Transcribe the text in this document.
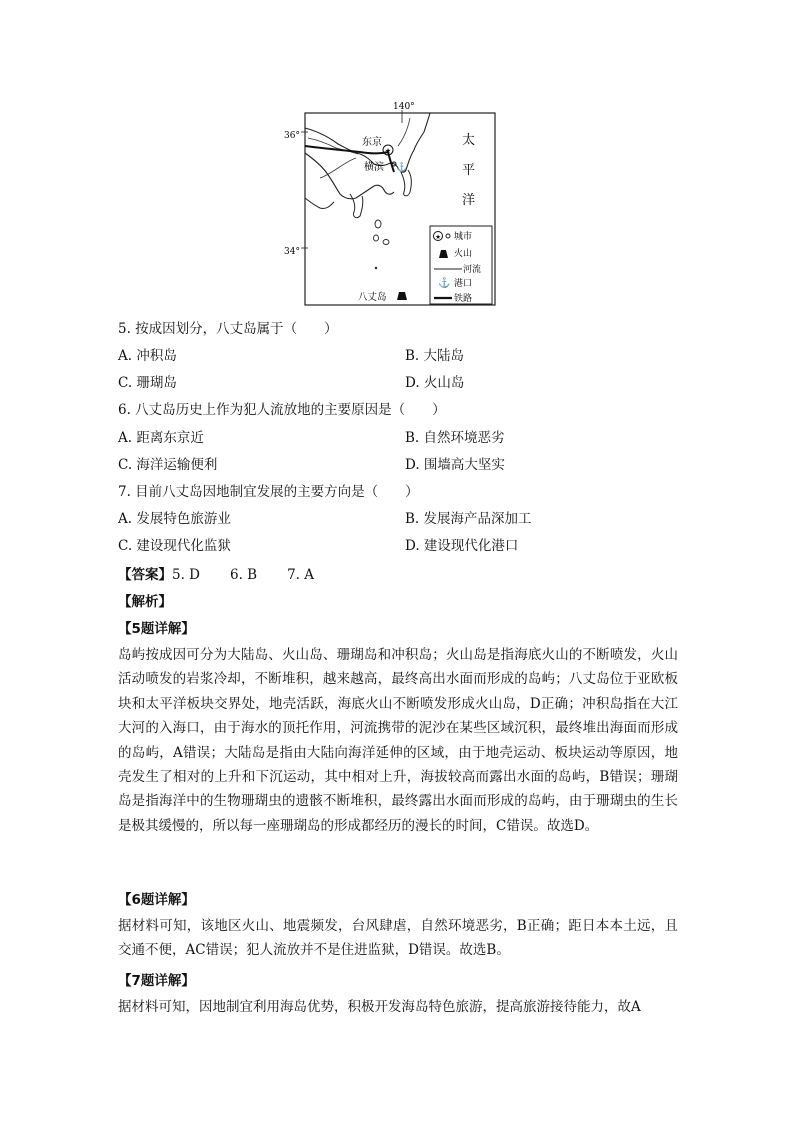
140°
36°
34°
八丈岛
★
东京
横滨 ⚓
太
平
洋
★ 城市
火山
河流
⚓ 港口
铁路
5. 按成因划分，八丈岛属于（　　）
A. 冲积岛	B. 大陆岛
C. 珊瑚岛	D. 火山岛
6. 八丈岛历史上作为犯人流放地的主要原因是（　　）
A. 距离东京近	B. 自然环境恶劣
C. 海洋运输便利	D. 围墙高大坚实
7. 目前八丈岛因地制宜发展的主要方向是（　　）
A. 发展特色旅游业	B. 发展海产品深加工
C. 建设现代化监狱	D. 建设现代化港口
【答案】5. D 6. B 7. A
【解析】
【5题详解】
岛屿按成因可分为大陆岛、火山岛、珊瑚岛和冲积岛；火山岛是指海底火山的不断喷发，火山活动喷发的岩浆冷却，不断堆积，越来越高，最终高出水面而形成的岛屿；八丈岛位于亚欧板块和太平洋板块交界处，地壳活跃，海底火山不断喷发形成火山岛，D正确；冲积岛指在大江大河的入海口，由于海水的顶托作用，河流携带的泥沙在某些区域沉积，最终堆出海面而形成的岛屿，A错误；大陆岛是指由大陆向海洋延伸的区域，由于地壳运动、板块运动等原因，地壳发生了相对的上升和下沉运动，其中相对上升，海拔较高而露出水面的岛屿，B错误；珊瑚岛是指海洋中的生物珊瑚虫的遗骸不断堆积，最终露出水面而形成的岛屿，由于珊瑚虫的生长是极其缓慢的，所以每一座珊瑚岛的形成都经历的漫长的时间，C错误。故选D。
【6题详解】
据材料可知，该地区火山、地震频发，台风肆虐，自然环境恶劣，B正确；距日本本土远，且交通不便，AC错误；犯人流放并不是住进监狱，D错误。故选B。
【7题详解】
据材料可知，因地制宜利用海岛优势，积极开发海岛特色旅游，提高旅游接待能力，故A
